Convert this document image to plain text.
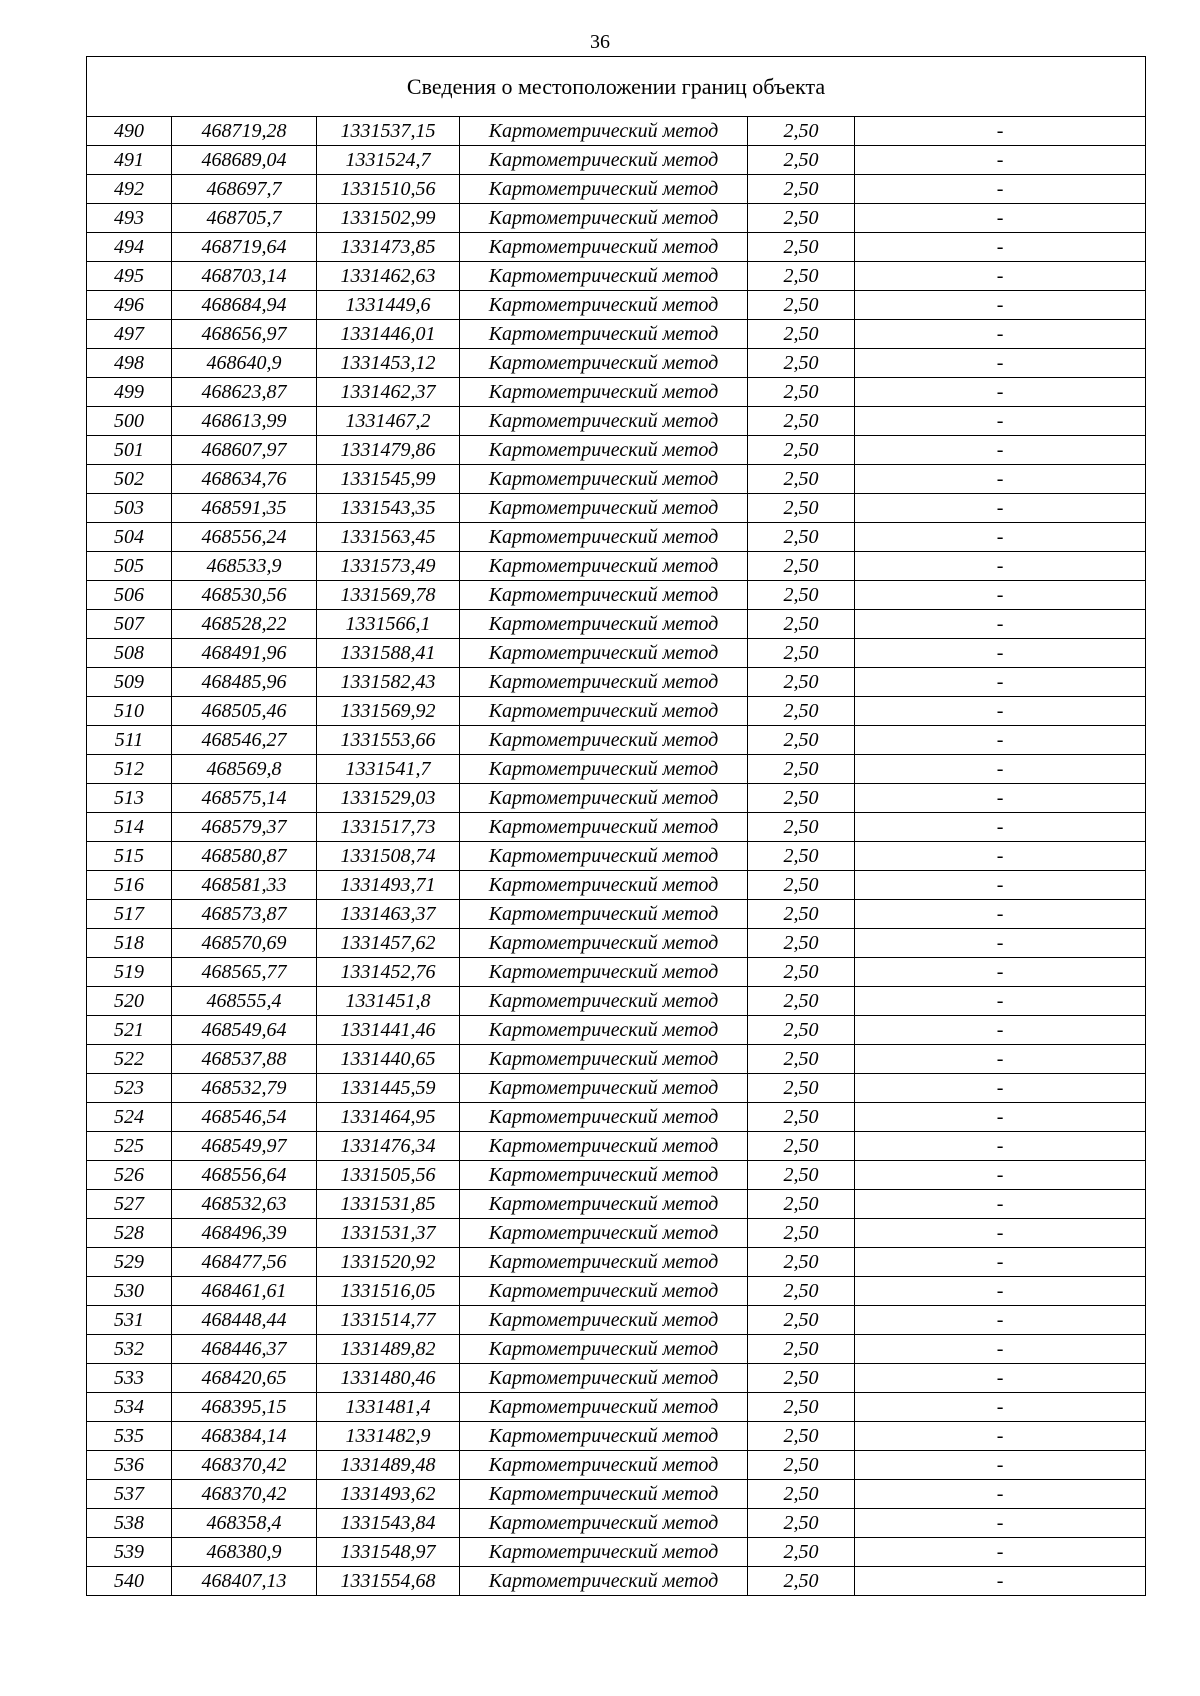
36
Сведения о местоположении границ объекта					
490	468719,28	1331537,15	Картометрический метод	2,50	-
491	468689,04	1331524,7	Картометрический метод	2,50	-
492	468697,7	1331510,56	Картометрический метод	2,50	-
493	468705,7	1331502,99	Картометрический метод	2,50	-
494	468719,64	1331473,85	Картометрический метод	2,50	-
495	468703,14	1331462,63	Картометрический метод	2,50	-
496	468684,94	1331449,6	Картометрический метод	2,50	-
497	468656,97	1331446,01	Картометрический метод	2,50	-
498	468640,9	1331453,12	Картометрический метод	2,50	-
499	468623,87	1331462,37	Картометрический метод	2,50	-
500	468613,99	1331467,2	Картометрический метод	2,50	-
501	468607,97	1331479,86	Картометрический метод	2,50	-
502	468634,76	1331545,99	Картометрический метод	2,50	-
503	468591,35	1331543,35	Картометрический метод	2,50	-
504	468556,24	1331563,45	Картометрический метод	2,50	-
505	468533,9	1331573,49	Картометрический метод	2,50	-
506	468530,56	1331569,78	Картометрический метод	2,50	-
507	468528,22	1331566,1	Картометрический метод	2,50	-
508	468491,96	1331588,41	Картометрический метод	2,50	-
509	468485,96	1331582,43	Картометрический метод	2,50	-
510	468505,46	1331569,92	Картометрический метод	2,50	-
511	468546,27	1331553,66	Картометрический метод	2,50	-
512	468569,8	1331541,7	Картометрический метод	2,50	-
513	468575,14	1331529,03	Картометрический метод	2,50	-
514	468579,37	1331517,73	Картометрический метод	2,50	-
515	468580,87	1331508,74	Картометрический метод	2,50	-
516	468581,33	1331493,71	Картометрический метод	2,50	-
517	468573,87	1331463,37	Картометрический метод	2,50	-
518	468570,69	1331457,62	Картометрический метод	2,50	-
519	468565,77	1331452,76	Картометрический метод	2,50	-
520	468555,4	1331451,8	Картометрический метод	2,50	-
521	468549,64	1331441,46	Картометрический метод	2,50	-
522	468537,88	1331440,65	Картометрический метод	2,50	-
523	468532,79	1331445,59	Картометрический метод	2,50	-
524	468546,54	1331464,95	Картометрический метод	2,50	-
525	468549,97	1331476,34	Картометрический метод	2,50	-
526	468556,64	1331505,56	Картометрический метод	2,50	-
527	468532,63	1331531,85	Картометрический метод	2,50	-
528	468496,39	1331531,37	Картометрический метод	2,50	-
529	468477,56	1331520,92	Картометрический метод	2,50	-
530	468461,61	1331516,05	Картометрический метод	2,50	-
531	468448,44	1331514,77	Картометрический метод	2,50	-
532	468446,37	1331489,82	Картометрический метод	2,50	-
533	468420,65	1331480,46	Картометрический метод	2,50	-
534	468395,15	1331481,4	Картометрический метод	2,50	-
535	468384,14	1331482,9	Картометрический метод	2,50	-
536	468370,42	1331489,48	Картометрический метод	2,50	-
537	468370,42	1331493,62	Картометрический метод	2,50	-
538	468358,4	1331543,84	Картометрический метод	2,50	-
539	468380,9	1331548,97	Картометрический метод	2,50	-
540	468407,13	1331554,68	Картометрический метод	2,50	-
